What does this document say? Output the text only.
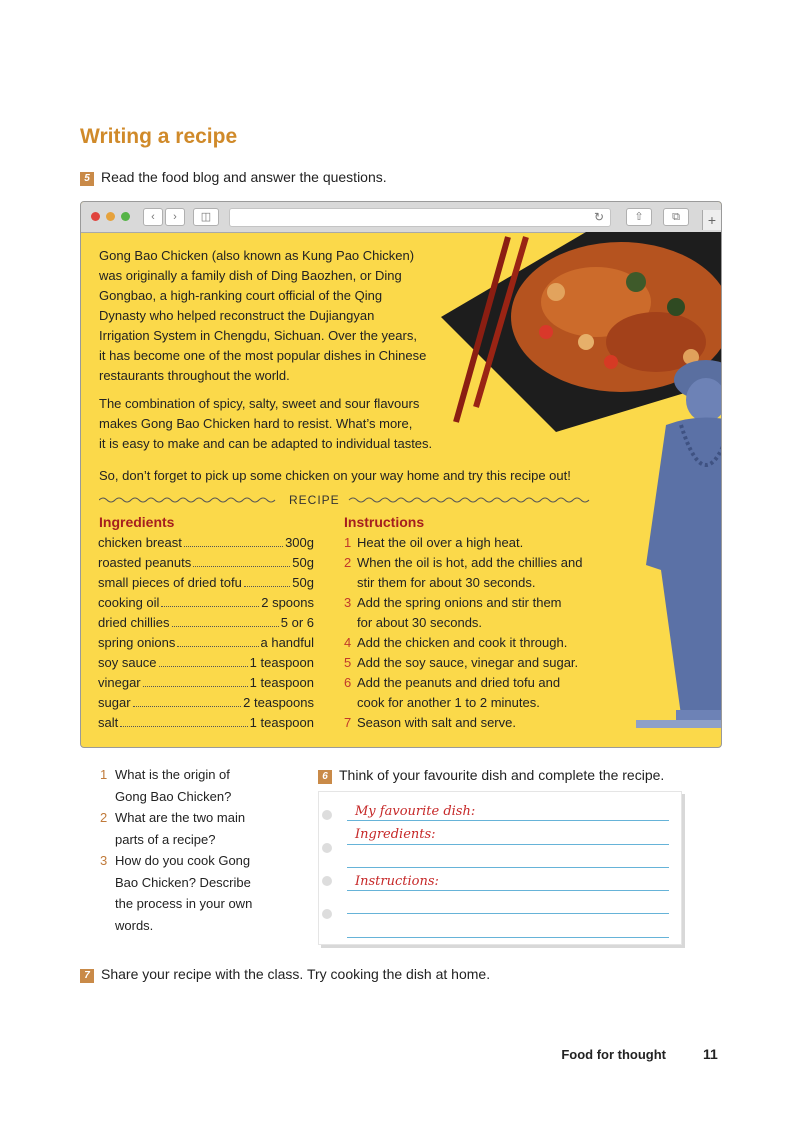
Writing a recipe
5 Read the food blog and answer the questions.
‹	›	◫	↻	⇧	⧉	+
Gong Bao Chicken (also known as Kung Pao Chicken)
was originally a family dish of Ding Baozhen, or Ding
Gongbao, a high-ranking court official of the Qing
Dynasty who helped reconstruct the Dujiangyan
Irrigation System in Chengdu, Sichuan. Over the years,
it has become one of the most popular dishes in Chinese
restaurants throughout the world.
The combination of spicy, salty, sweet and sour flavours
makes Gong Bao Chicken hard to resist. What’s more,
it is easy to make and can be adapted to individual tastes.
So, don’t forget to pick up some chicken on your way home and try this recipe out!
RECIPE
Ingredients	Instructions
chicken breast	300g
roasted peanuts	50g
small pieces of dried tofu	50g
cooking oil	2 spoons
dried chillies	5 or 6
spring onions	a handful
soy sauce	1 teaspoon
vinegar	1 teaspoon
sugar	2 teaspoons
salt	1 teaspoon
1 Heat the oil over a high heat.
2 When the oil is hot, add the chillies and
stir them for about 30 seconds.
3 Add the spring onions and stir them
for about 30 seconds.
4 Add the chicken and cook it through.
5 Add the soy sauce, vinegar and sugar.
6 Add the peanuts and dried tofu and
cook for another 1 to 2 minutes.
7 Season with salt and serve.
1 What is the origin of
Gong Bao Chicken?
2 What are the two main
parts of a recipe?
3 How do you cook Gong
Bao Chicken? Describe
the process in your own
words.
6 Think of your favourite dish and complete the recipe.
My favourite dish:
Ingredients:
Instructions:
7 Share your recipe with the class. Try cooking the dish at home.
Food for thought	11
